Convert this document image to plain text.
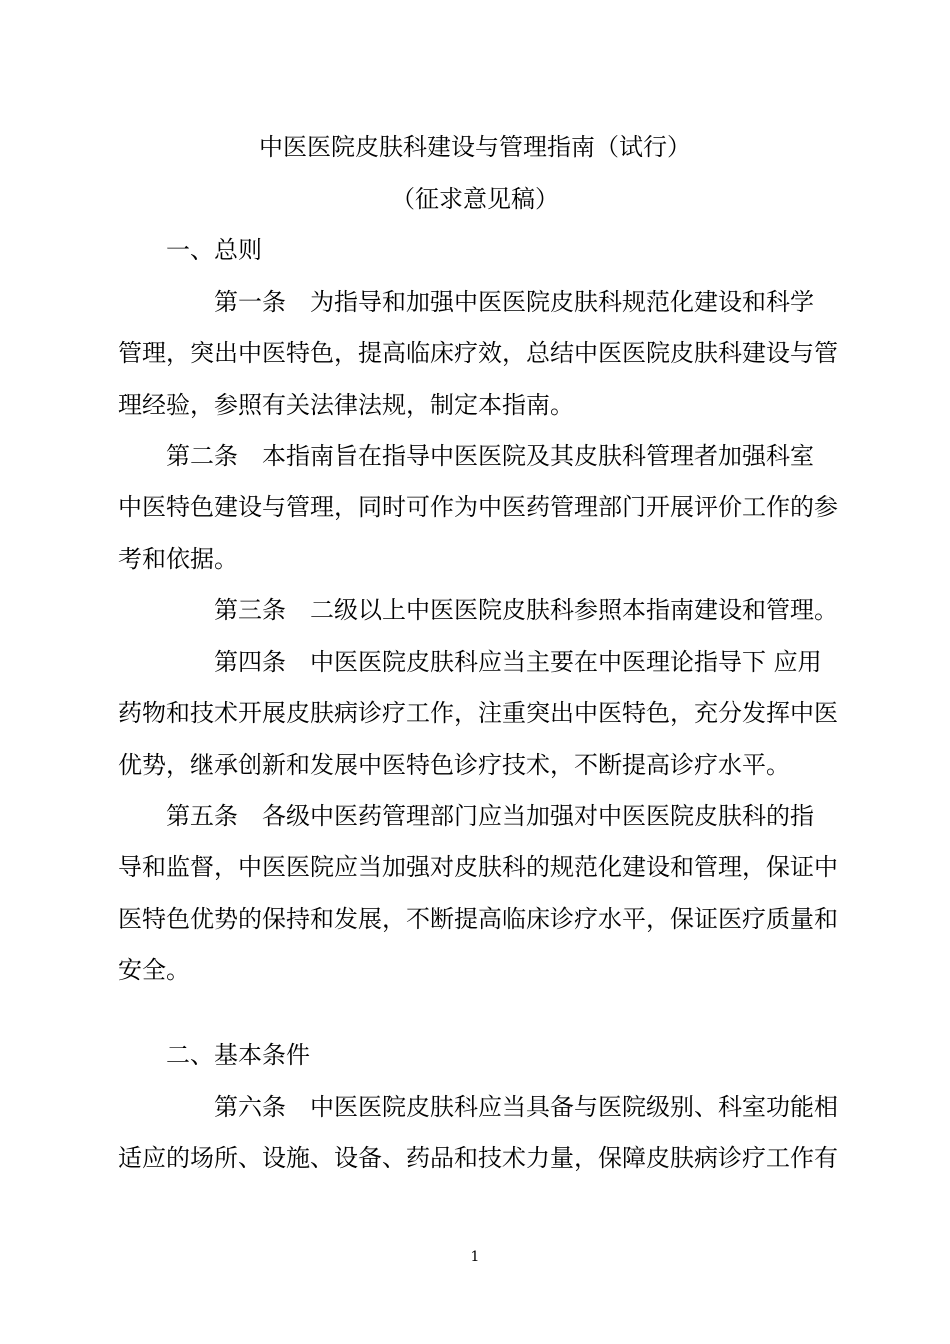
中医医院皮肤科建设与管理指南（试行）
（征求意见稿）
一、总则
第一条　为指导和加强中医医院皮肤科规范化建设和科学
管理，突出中医特色，提高临床疗效，总结中医医院皮肤科建设与管
理经验，参照有关法律法规，制定本指南。
第二条　本指南旨在指导中医医院及其皮肤科管理者加强科室
中医特色建设与管理，同时可作为中医药管理部门开展评价工作的参
考和依据。
第三条　二级以上中医医院皮肤科参照本指南建设和管理。
第四条　中医医院皮肤科应当主要在中医理论指导下 应用
药物和技术开展皮肤病诊疗工作，注重突出中医特色，充分发挥中医
优势，继承创新和发展中医特色诊疗技术，不断提高诊疗水平。
第五条　各级中医药管理部门应当加强对中医医院皮肤科的指
导和监督，中医医院应当加强对皮肤科的规范化建设和管理，保证中
医特色优势的保持和发展，不断提高临床诊疗水平，保证医疗质量和
安全。
二、基本条件
第六条　中医医院皮肤科应当具备与医院级别、科室功能相
适应的场所、设施、设备、药品和技术力量，保障皮肤病诊疗工作有
1
